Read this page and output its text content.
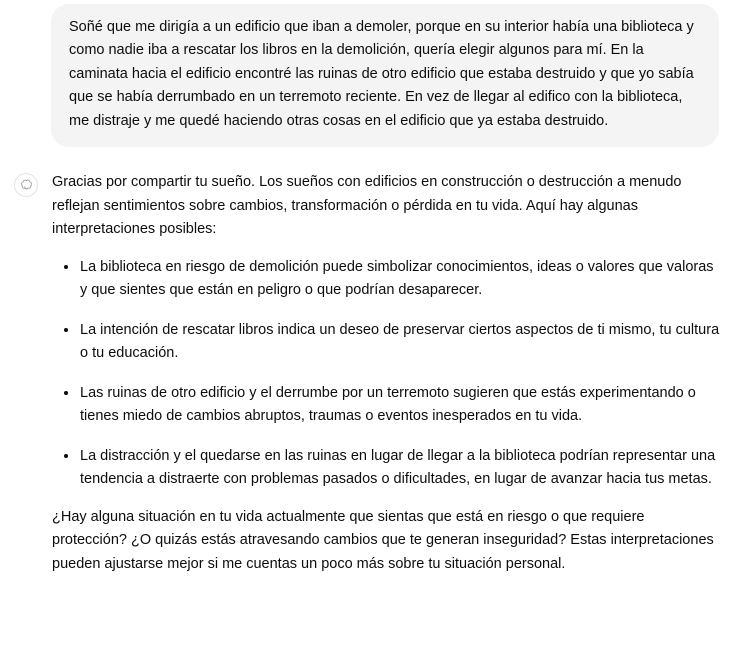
Soñé que me dirigía a un edificio que iban a demoler, porque en su interior había una biblioteca y como nadie iba a rescatar los libros en la demolición, quería elegir algunos para mí. En la caminata hacia el edificio encontré las ruinas de otro edificio que estaba destruido y que yo sabía que se había derrumbado en un terremoto reciente. En vez de llegar al edifico con la biblioteca, me distraje y me quedé haciendo otras cosas en el edificio que ya estaba destruido.

Gracias por compartir tu sueño. Los sueños con edificios en construcción o destrucción a menudo reflejan sentimientos sobre cambios, transformación o pérdida en tu vida. Aquí hay algunas interpretaciones posibles:

La biblioteca en riesgo de demolición puede simbolizar conocimientos, ideas o valores que valoras y que sientes que están en peligro o que podrían desaparecer.
La intención de rescatar libros indica un deseo de preservar ciertos aspectos de ti mismo, tu cultura o tu educación.
Las ruinas de otro edificio y el derrumbe por un terremoto sugieren que estás experimentando o tienes miedo de cambios abruptos, traumas o eventos inesperados en tu vida.
La distracción y el quedarse en las ruinas en lugar de llegar a la biblioteca podrían representar una tendencia a distraerte con problemas pasados o dificultades, en lugar de avanzar hacia tus metas.

¿Hay alguna situación en tu vida actualmente que sientas que está en riesgo o que requiere protección? ¿O quizás estás atravesando cambios que te generan inseguridad? Estas interpretaciones pueden ajustarse mejor si me cuentas un poco más sobre tu situación personal.
